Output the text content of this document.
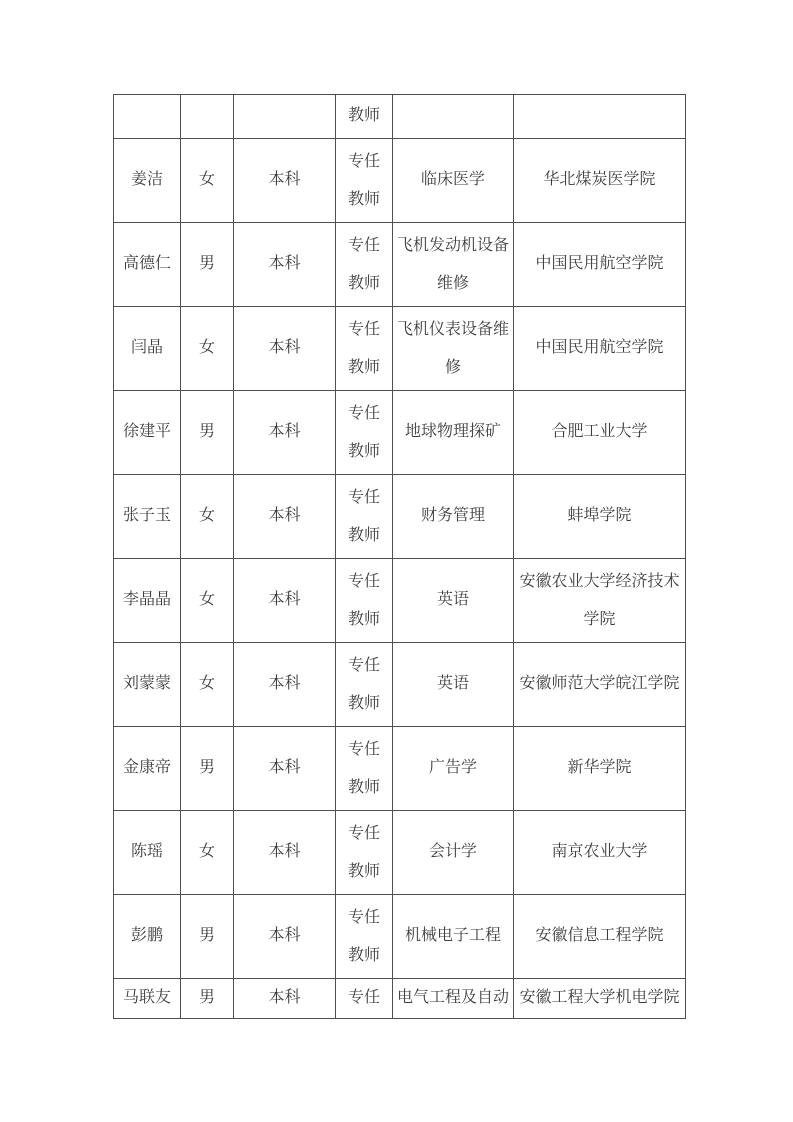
			教师		
姜洁	女	本科	专任教师	临床医学	华北煤炭医学院
高德仁	男	本科	专任教师	飞机发动机设备维修	中国民用航空学院
闫晶	女	本科	专任教师	飞机仪表设备维修	中国民用航空学院
徐建平	男	本科	专任教师	地球物理探矿	合肥工业大学
张子玉	女	本科	专任教师	财务管理	蚌埠学院
李晶晶	女	本科	专任教师	英语	安徽农业大学经济技术学院
刘蒙蒙	女	本科	专任教师	英语	安徽师范大学皖江学院
金康帝	男	本科	专任教师	广告学	新华学院
陈瑶	女	本科	专任教师	会计学	南京农业大学
彭鹏	男	本科	专任教师	机械电子工程	安徽信息工程学院
马联友	男	本科	专任	电气工程及自动	安徽工程大学机电学院
